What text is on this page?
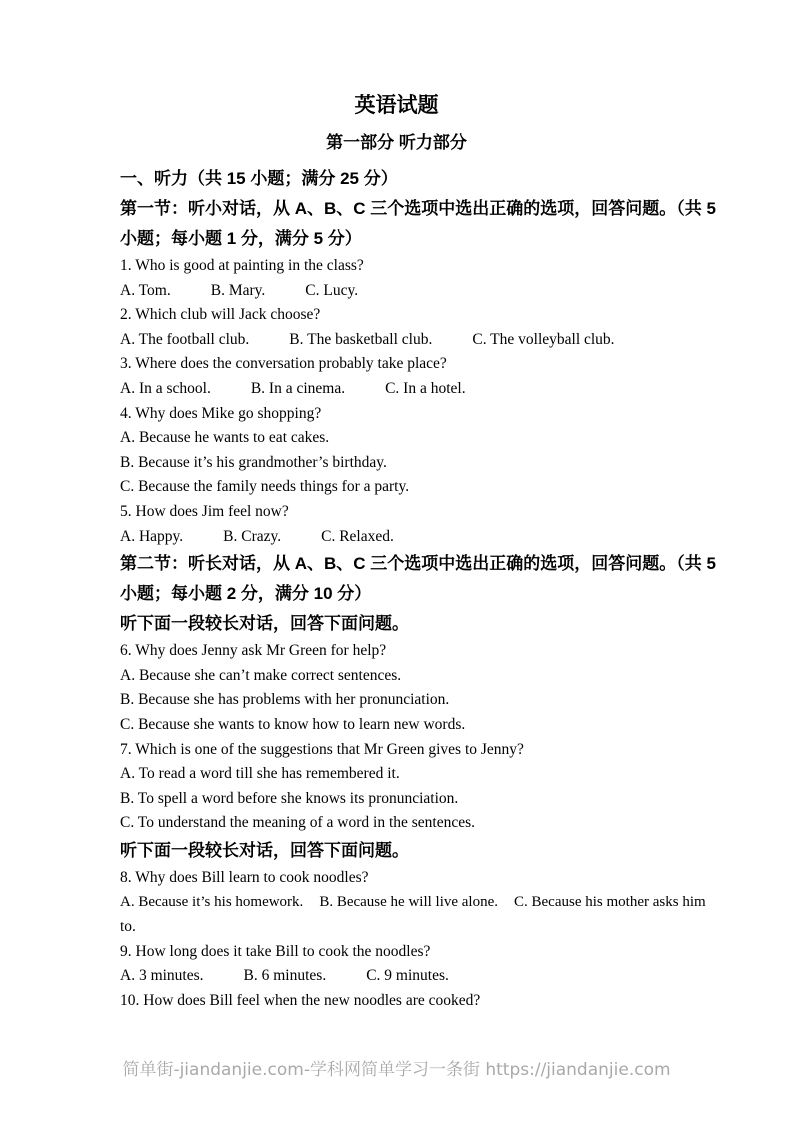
英语试题
第一部分 听力部分
一、听力（共 15 小题；满分 25 分）
第一节：听小对话，从 A、B、C 三个选项中选出正确的选项，回答问题。（共 5
小题；每小题 1 分，满分 5 分）
1. Who is good at painting in the class?
A. Tom.	B. Mary.	C. Lucy.
2. Which club will Jack choose?
A. The football club.	B. The basketball club.	C. The volleyball club.
3. Where does the conversation probably take place?
A. In a school.	B. In a cinema.	C. In a hotel.
4. Why does Mike go shopping?
A. Because he wants to eat cakes.
B. Because it’s his grandmother’s birthday.
C. Because the family needs things for a party.
5. How does Jim feel now?
A. Happy.	B. Crazy.	C. Relaxed.
第二节：听长对话，从 A、B、C 三个选项中选出正确的选项，回答问题。（共 5
小题；每小题 2 分，满分 10 分）
听下面一段较长对话，回答下面问题。
6. Why does Jenny ask Mr Green for help?
A. Because she can’t make correct sentences.
B. Because she has problems with her pronunciation.
C. Because she wants to know how to learn new words.
7. Which is one of the suggestions that Mr Green gives to Jenny?
A. To read a word till she has remembered it.
B. To spell a word before she knows its pronunciation.
C. To understand the meaning of a word in the sentences.
听下面一段较长对话，回答下面问题。
8. Why does Bill learn to cook noodles?
A. Because it’s his homework. B. Because he will live alone. C. Because his mother asks him
to.
9. How long does it take Bill to cook the noodles?
A. 3 minutes.	B. 6 minutes.	C. 9 minutes.
10. How does Bill feel when the new noodles are cooked?
简单街-jiandanjie.com-学科网简单学习一条街 https://jiandanjie.com
